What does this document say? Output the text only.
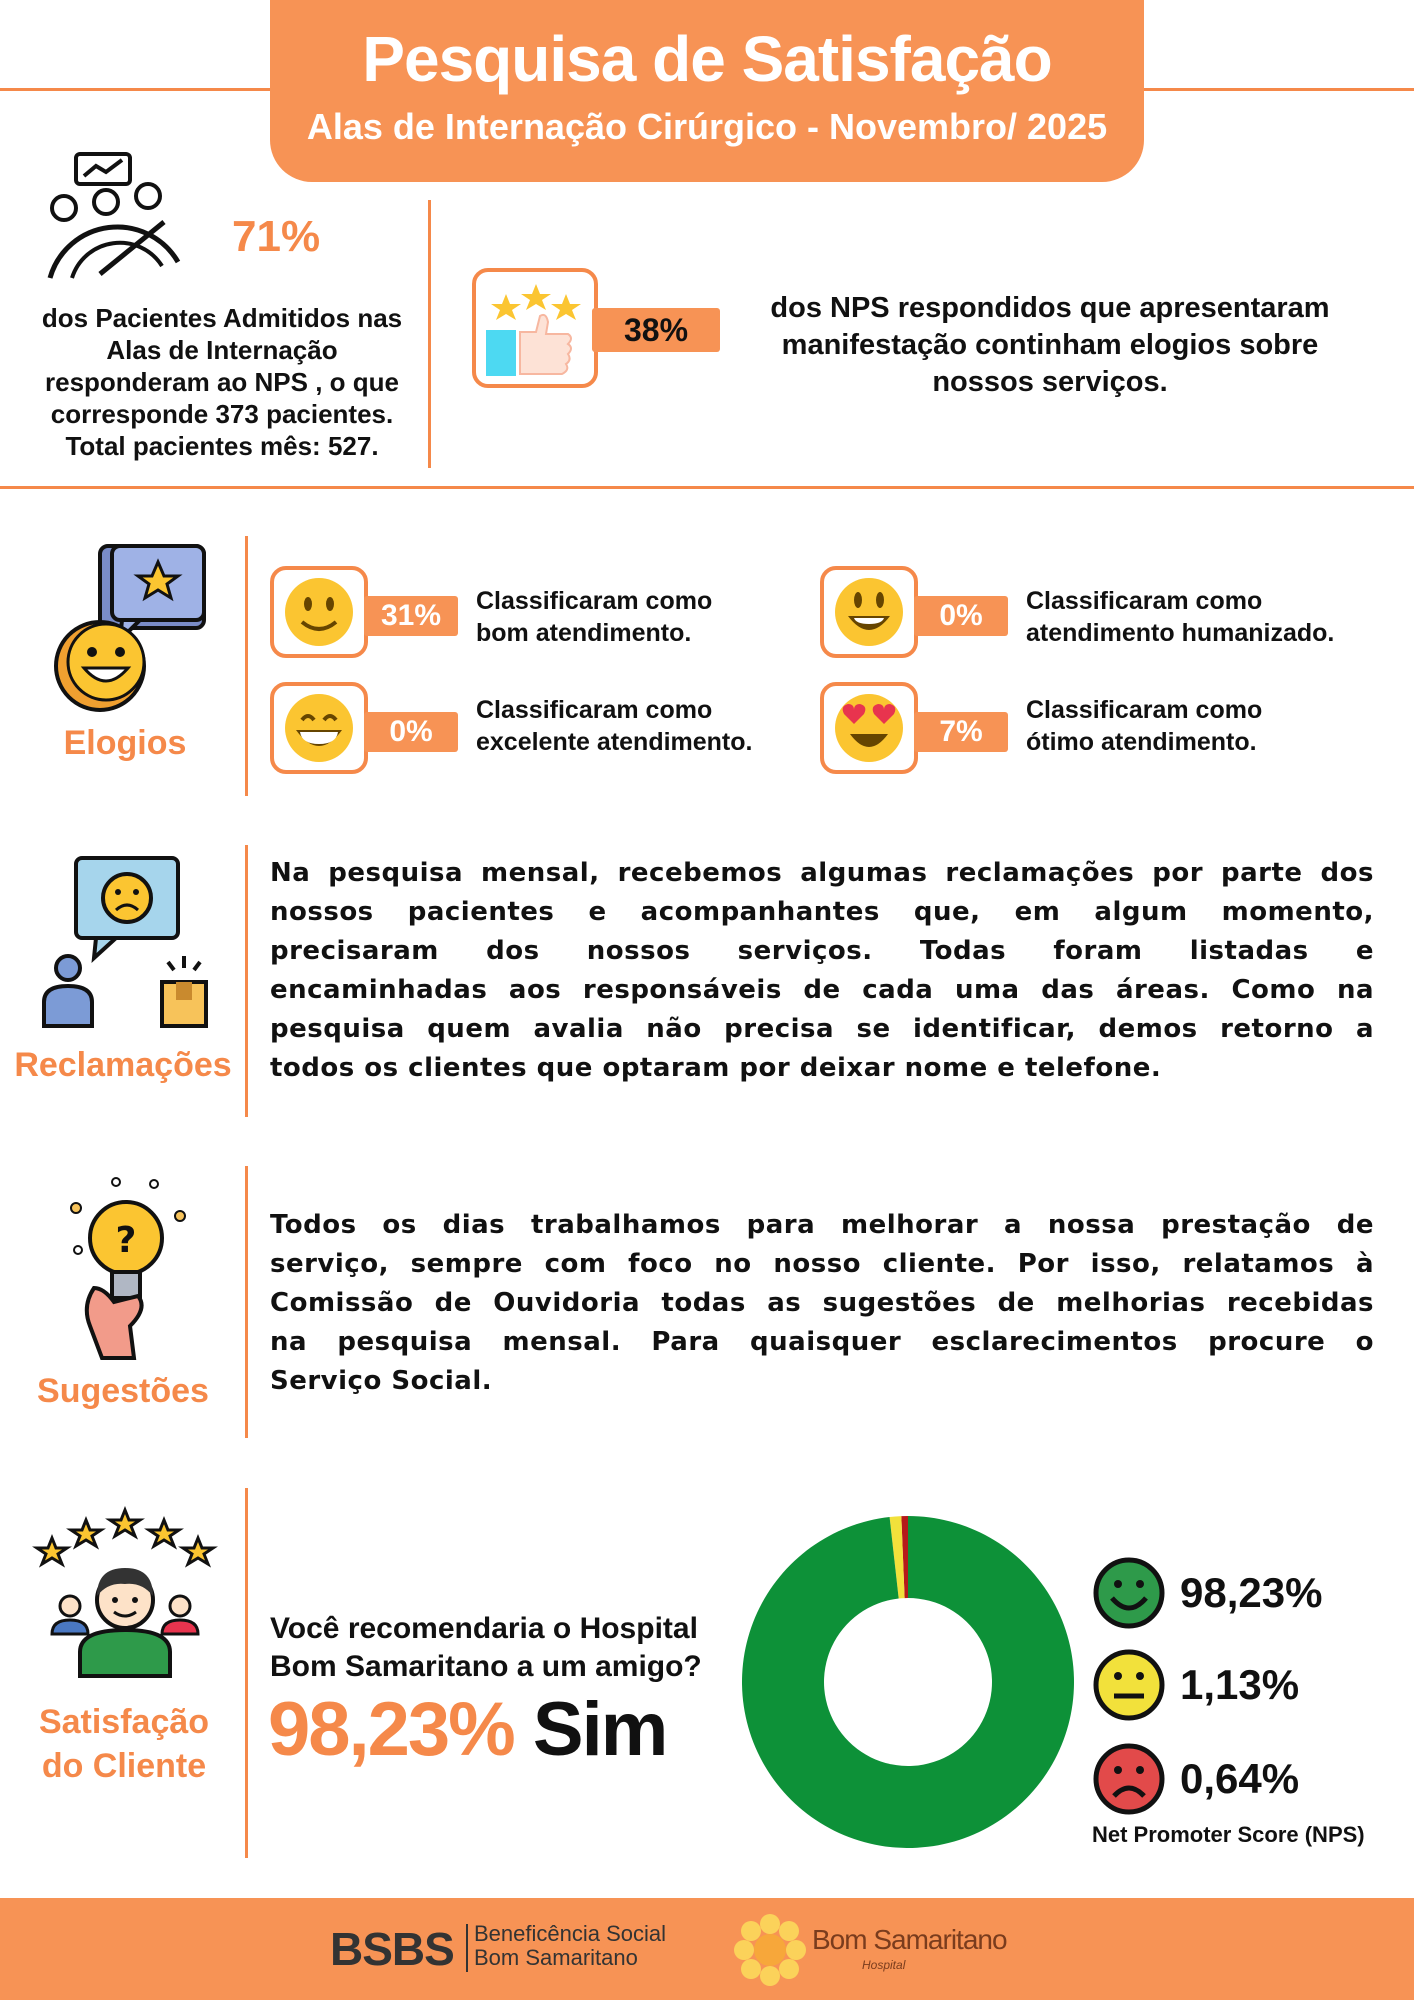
Pesquisa de Satisfação
Alas de Internação Cirúrgico - Novembro/ 2025
71%
dos Pacientes Admitidos nas
Alas de Internação
responderam ao NPS , o que
corresponde 373 pacientes.
Total pacientes mês: 527.
38%
dos NPS respondidos que apresentaram
manifestação continham elogios sobre
nossos serviços.
Elogios
31%	Classificaram como
bom atendimento.
0%	Classificaram como
atendimento humanizado.
0%
Classificaram como
excelente atendimento.	7%
Classificaram como
ótimo atendimento.
Reclamações
Na pesquisa mensal, recebemos algumas reclamações por parte dos
nossos pacientes e acompanhantes que, em algum momento,
precisaram dos nossos serviços. Todas foram listadas e
encaminhadas aos responsáveis de cada uma das áreas. Como na
pesquisa quem avalia não precisa se identificar, demos retorno a
todos os clientes que optaram por deixar nome e telefone.
?
Sugestões
Todos os dias trabalhamos para melhorar a nossa prestação de
serviço, sempre com foco no nosso cliente. Por isso, relatamos à
Comissão de Ouvidoria todas as sugestões de melhorias recebidas
na pesquisa mensal. Para quaisquer esclarecimentos procure o
Serviço Social.
Satisfação
do Cliente
Você recomendaria o Hospital
Bom Samaritano a um amigo?
98,23% Sim
98,23%
1,13%
0,64%
Net Promoter Score (NPS)
BSBS Beneficência Social
Bom Samaritano
Bom Samaritano
Hospital
